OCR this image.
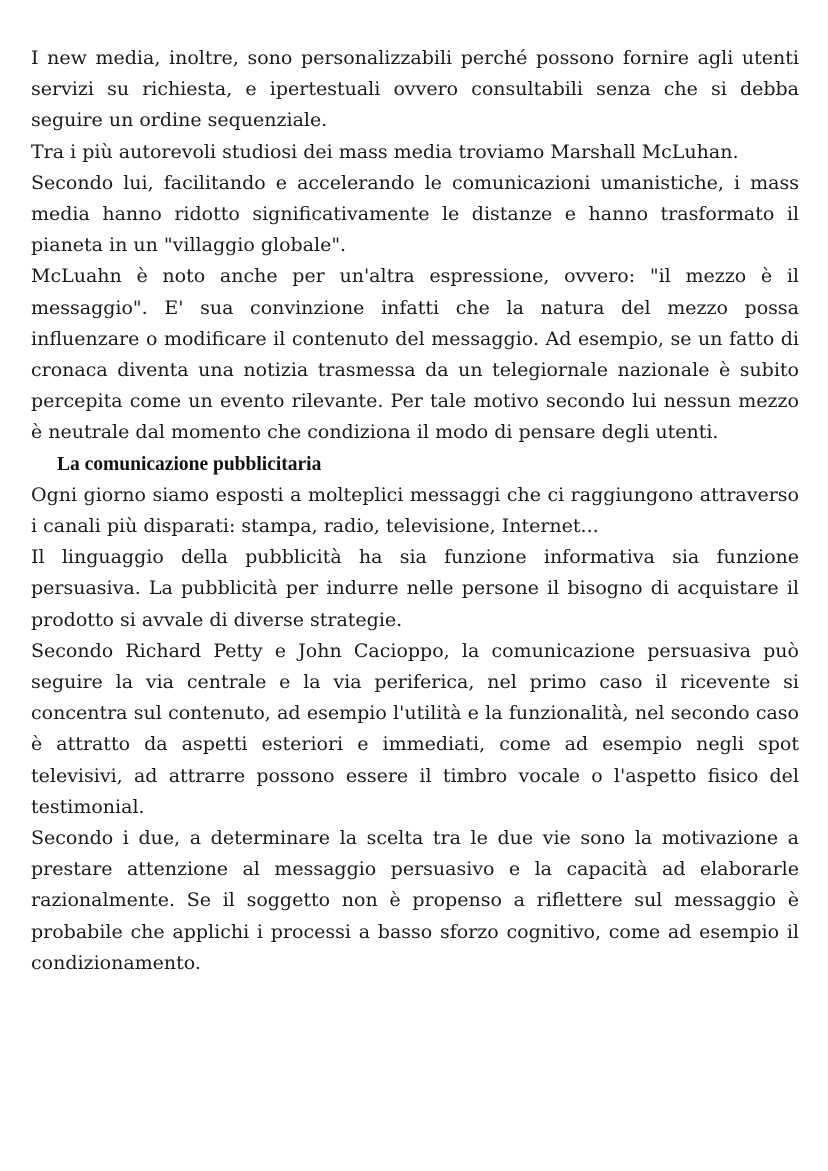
I new media, inoltre, sono personalizzabili perché possono fornire agli utenti servizi su richiesta, e ipertestuali ovvero consultabili senza che si debba seguire un ordine sequenziale.

Tra i più autorevoli studiosi dei mass media troviamo Marshall McLuhan.

Secondo lui, facilitando e accelerando le comunicazioni umanistiche, i mass media hanno ridotto significativamente le distanze e hanno trasformato il pianeta in un "villaggio globale".

McLuahn è noto anche per un'altra espressione, ovvero: "il mezzo è il messaggio". E' sua convinzione infatti che la natura del mezzo possa influenzare o modificare il contenuto del messaggio. Ad esempio, se un fatto di cronaca diventa una notizia trasmessa da un telegiornale nazionale è subito percepita come un evento rilevante. Per tale motivo secondo lui nessun mezzo è neutrale dal momento che condiziona il modo di pensare degli utenti.

La comunicazione pubblicitaria

Ogni giorno siamo esposti a molteplici messaggi che ci raggiungono attraverso i canali più disparati: stampa, radio, televisione, Internet...

Il linguaggio della pubblicità ha sia funzione informativa sia funzione persuasiva. La pubblicità per indurre nelle persone il bisogno di acquistare il prodotto si avvale di diverse strategie.

Secondo Richard Petty e John Cacioppo, la comunicazione persuasiva può seguire la via centrale e la via periferica, nel primo caso il ricevente si concentra sul contenuto, ad esempio l'utilità e la funzionalità, nel secondo caso è attratto da aspetti esteriori e immediati, come ad esempio negli spot televisivi, ad attrarre possono essere il timbro vocale o l'aspetto fisico del testimonial.

Secondo i due, a determinare la scelta tra le due vie sono la motivazione a prestare attenzione al messaggio persuasivo e la capacità ad elaborarle razionalmente. Se il soggetto non è propenso a riflettere sul messaggio è probabile che applichi i processi a basso sforzo cognitivo, come ad esempio il condizionamento.
